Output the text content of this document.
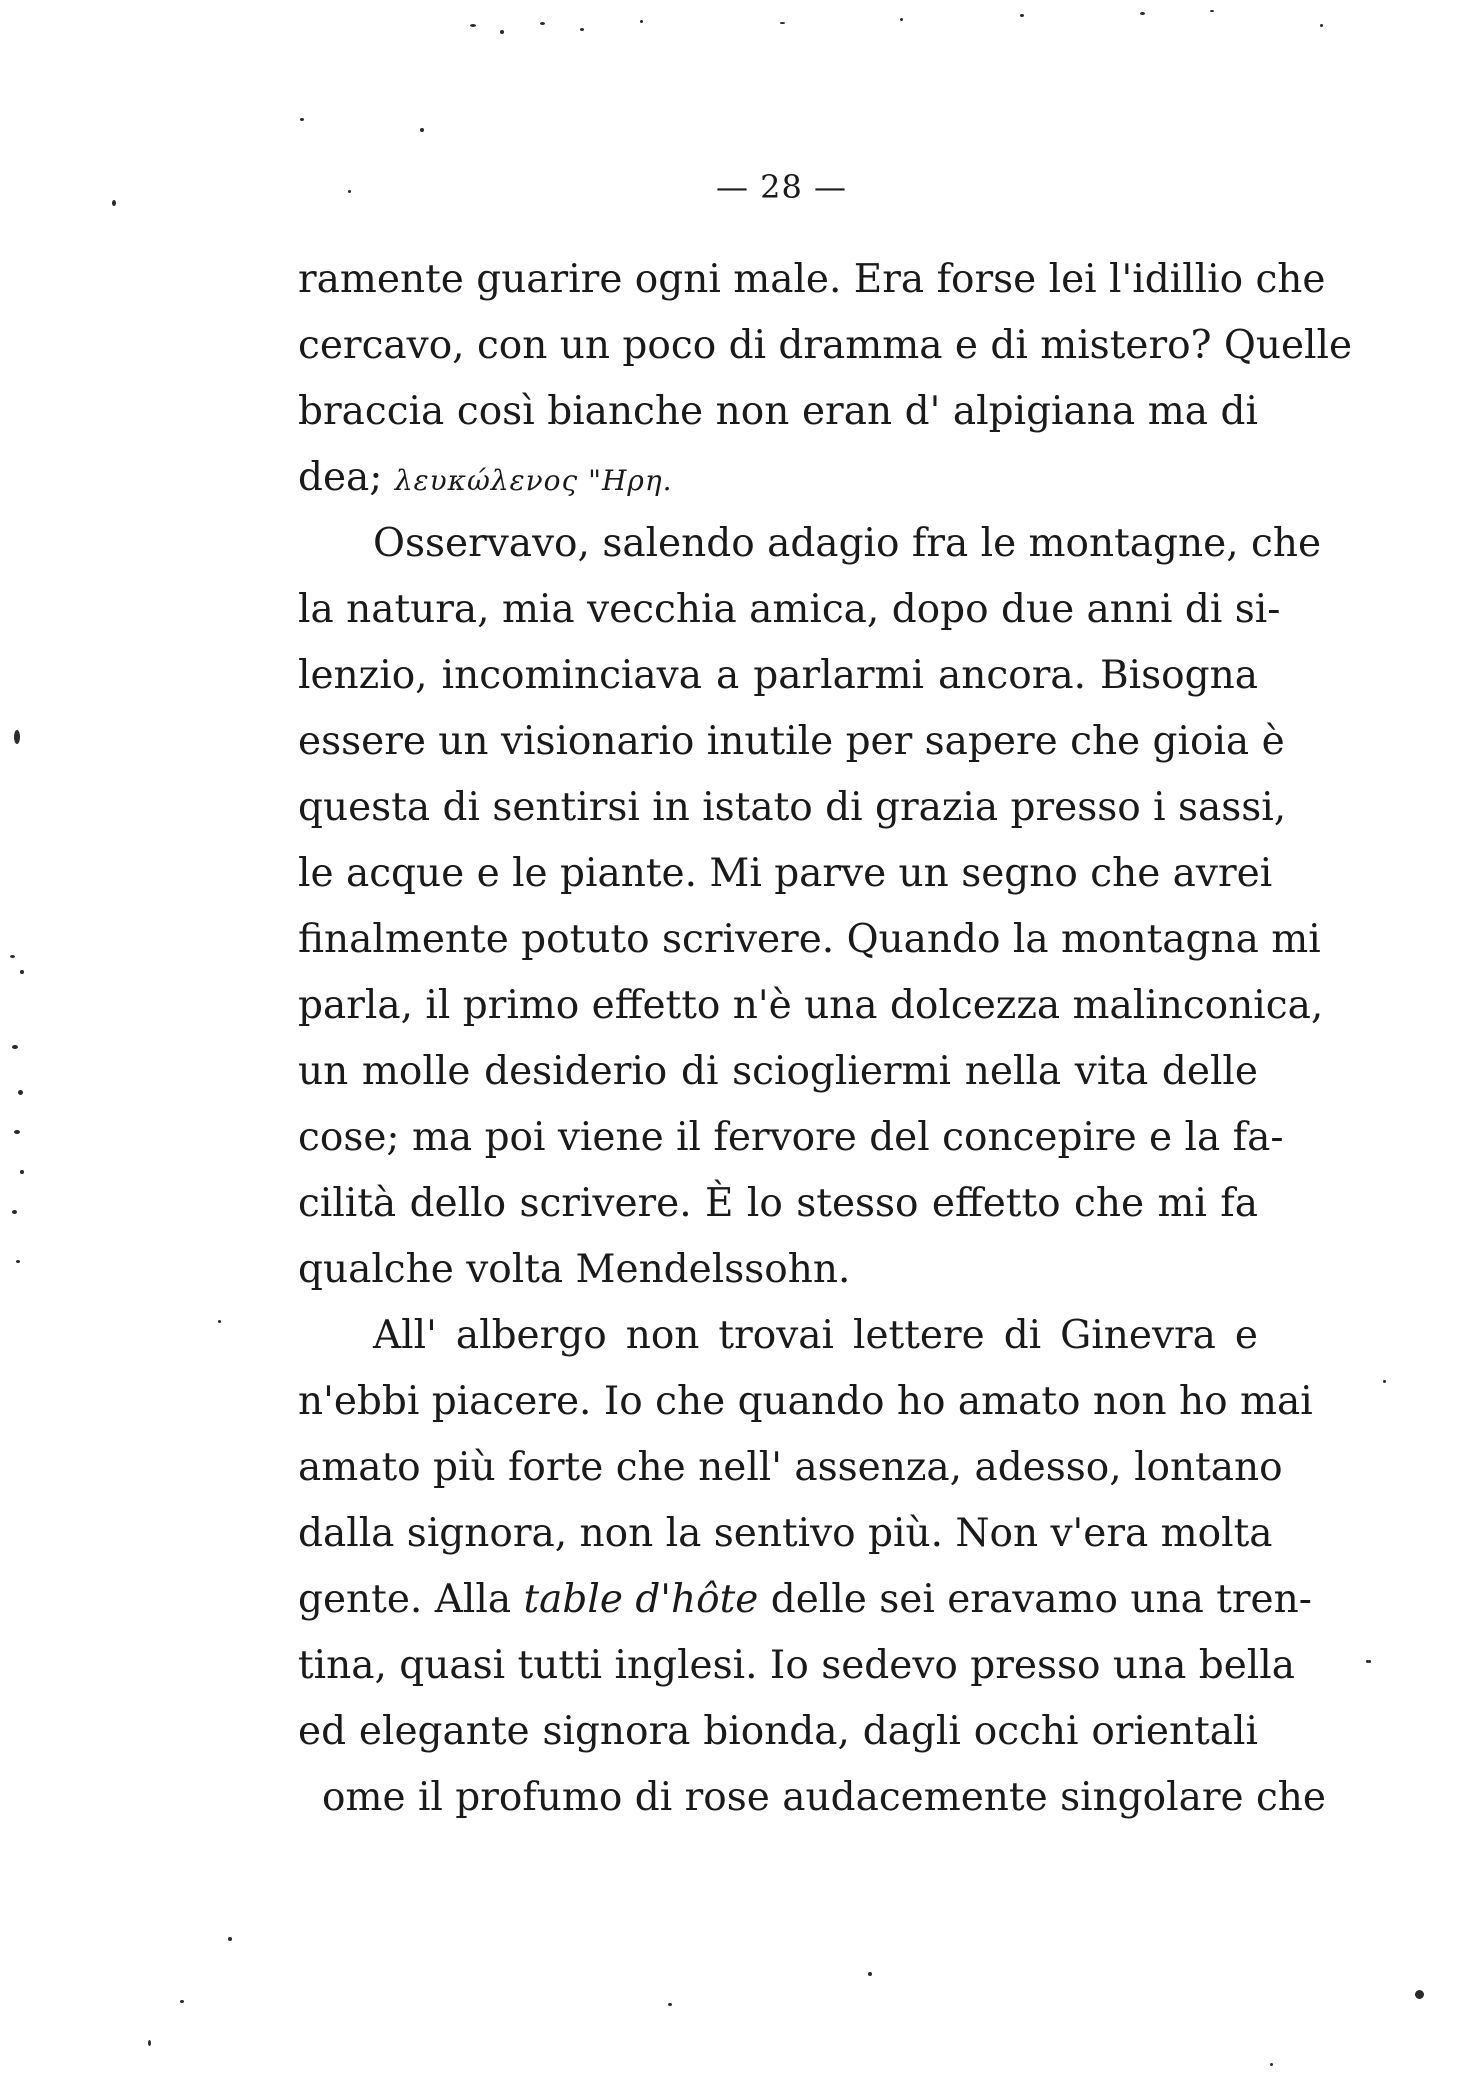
— 28 —
ramente guarire ogni male. Era forse lei l'idillio che
cercavo, con un poco di dramma e di mistero? Quelle
braccia così bianche non eran d' alpigiana ma di
dea; λευκώλενος "Ηρη.
Osservavo, salendo adagio fra le montagne, che
la natura, mia vecchia amica, dopo due anni di si-
lenzio, incominciava a parlarmi ancora. Bisogna
essere un visionario inutile per sapere che gioia è
questa di sentirsi in istato di grazia presso i sassi,
le acque e le piante. Mi parve un segno che avrei
finalmente potuto scrivere. Quando la montagna mi
parla, il primo effetto n'è una dolcezza malinconica,
un molle desiderio di sciogliermi nella vita delle
cose; ma poi viene il fervore del concepire e la fa-
cilità dello scrivere. È lo stesso effetto che mi fa
qualche volta Mendelssohn.
All' albergo non trovai lettere di Ginevra e
n'ebbi piacere. Io che quando ho amato non ho mai
amato più forte che nell' assenza, adesso, lontano
dalla signora, non la sentivo più. Non v'era molta
gente. Alla table d'hôte delle sei eravamo una tren-
tina, quasi tutti inglesi. Io sedevo presso una bella
ed elegante signora bionda, dagli occhi orientali
ome il profumo di rose audacemente singolare che
